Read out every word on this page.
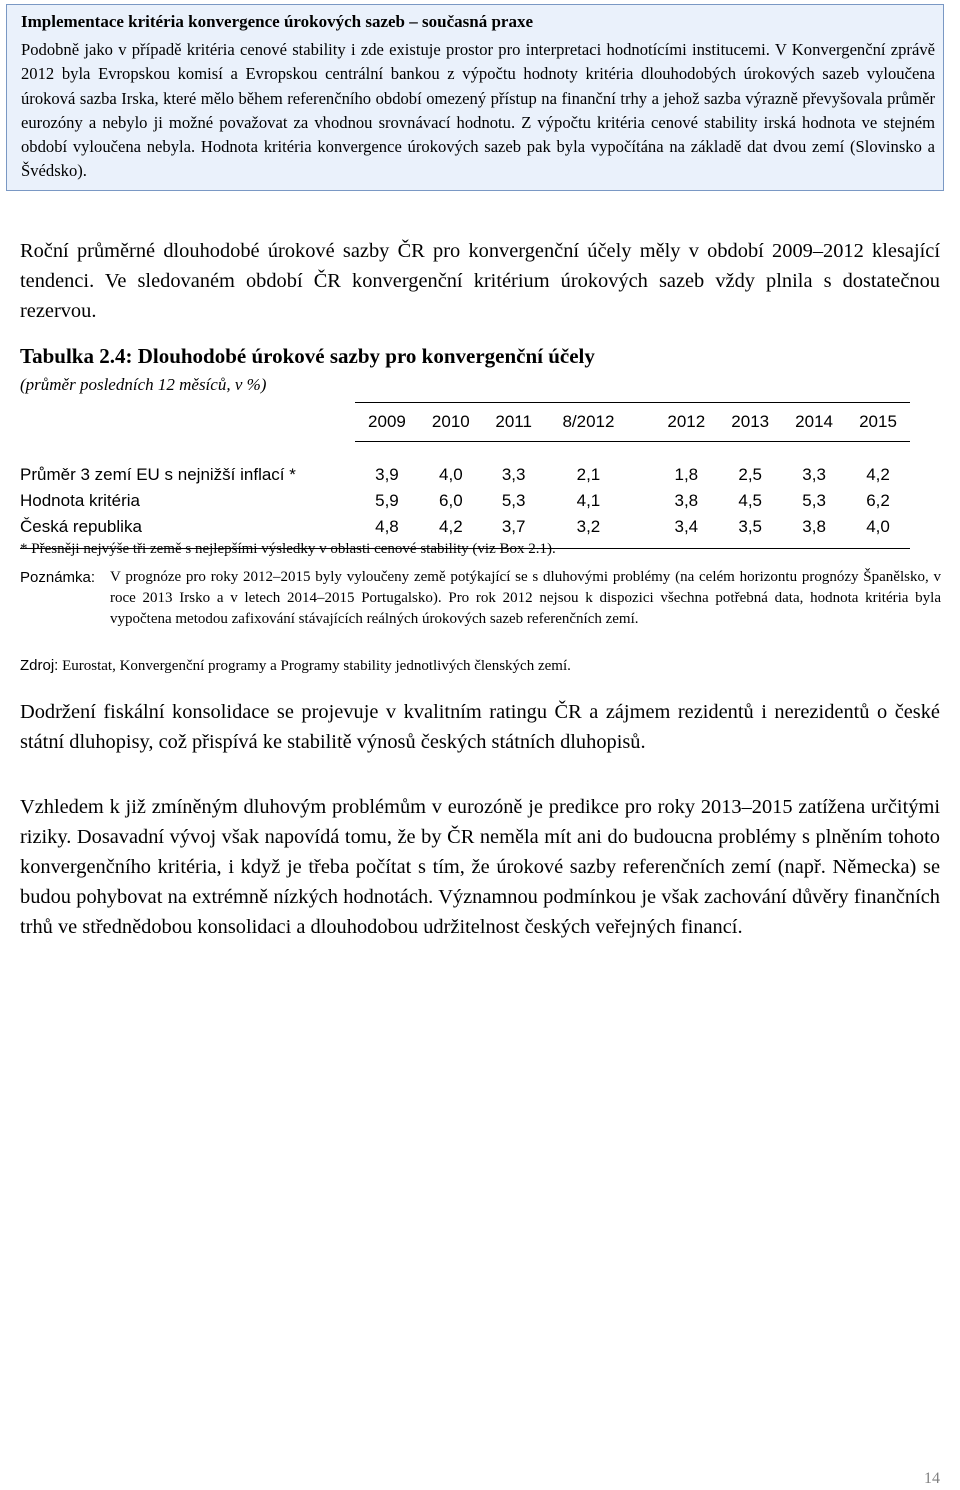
Implementace kritéria konvergence úrokových sazeb – současná praxe

Podobně jako v případě kritéria cenové stability i zde existuje prostor pro interpretaci hodnotícími institucemi. V Konvergenční zprávě 2012 byla Evropskou komisí a Evropskou centrální bankou z výpočtu hodnoty kritéria dlouhodobých úrokových sazeb vyloučena úroková sazba Irska, které mělo během referenčního období omezený přístup na finanční trhy a jehož sazba výrazně převyšovala průměr eurozóny a nebylo ji možné považovat za vhodnou srovnávací hodnotu. Z výpočtu kritéria cenové stability irská hodnota ve stejném období vyloučena nebyla. Hodnota kritéria konvergence úrokových sazeb pak byla vypočítána na základě dat dvou zemí (Slovinsko a Švédsko).

Roční průměrné dlouhodobé úrokové sazby ČR pro konvergenční účely měly v období 2009–2012 klesající tendenci. Ve sledovaném období ČR konvergenční kritérium úrokových sazeb vždy plnila s dostatečnou rezervou.

Tabulka 2.4: Dlouhodobé úrokové sazby pro konvergenční účely
(průměr posledních 12 měsíců, v %)
	2009	2010	2011	8/2012		2012	2013	2014	2015
Průměr 3 zemí EU s nejnižší inflací *	3,9	4,0	3,3	2,1		1,8	2,5	3,3	4,2
Hodnota kritéria	5,9	6,0	5,3	4,1		3,8	4,5	5,3	6,2
Česká republika	4,8	4,2	3,7	3,2		3,4	3,5	3,8	4,0
* Přesněji nejvýše tři země s nejlepšími výsledky v oblasti cenové stability (viz Box 2.1).
Poznámka: V prognóze pro roky 2012–2015 byly vyloučeny země potýkající se s dluhovými problémy (na celém horizontu prognózy Španělsko, v roce 2013 Irsko a v letech 2014–2015 Portugalsko). Pro rok 2012 nejsou k dispozici všechna potřebná data, hodnota kritéria byla vypočtena metodou zafixování stávajících reálných úrokových sazeb referenčních zemí.
Zdroj: Eurostat, Konvergenční programy a Programy stability jednotlivých členských zemí.

Dodržení fiskální konsolidace se projevuje v kvalitním ratingu ČR a zájmem rezidentů i nerezidentů o české státní dluhopisy, což přispívá ke stabilitě výnosů českých státních dluhopisů.

Vzhledem k již zmíněným dluhovým problémům v eurozóně je predikce pro roky 2013–2015 zatížena určitými riziky. Dosavadní vývoj však napovídá tomu, že by ČR neměla mít ani do budoucna problémy s plněním tohoto konvergenčního kritéria, i když je třeba počítat s tím, že úrokové sazby referenčních zemí (např. Německa) se budou pohybovat na extrémně nízkých hodnotách. Významnou podmínkou je však zachování důvěry finančních trhů ve střednědobou konsolidaci a dlouhodobou udržitelnost českých veřejných financí.

14
